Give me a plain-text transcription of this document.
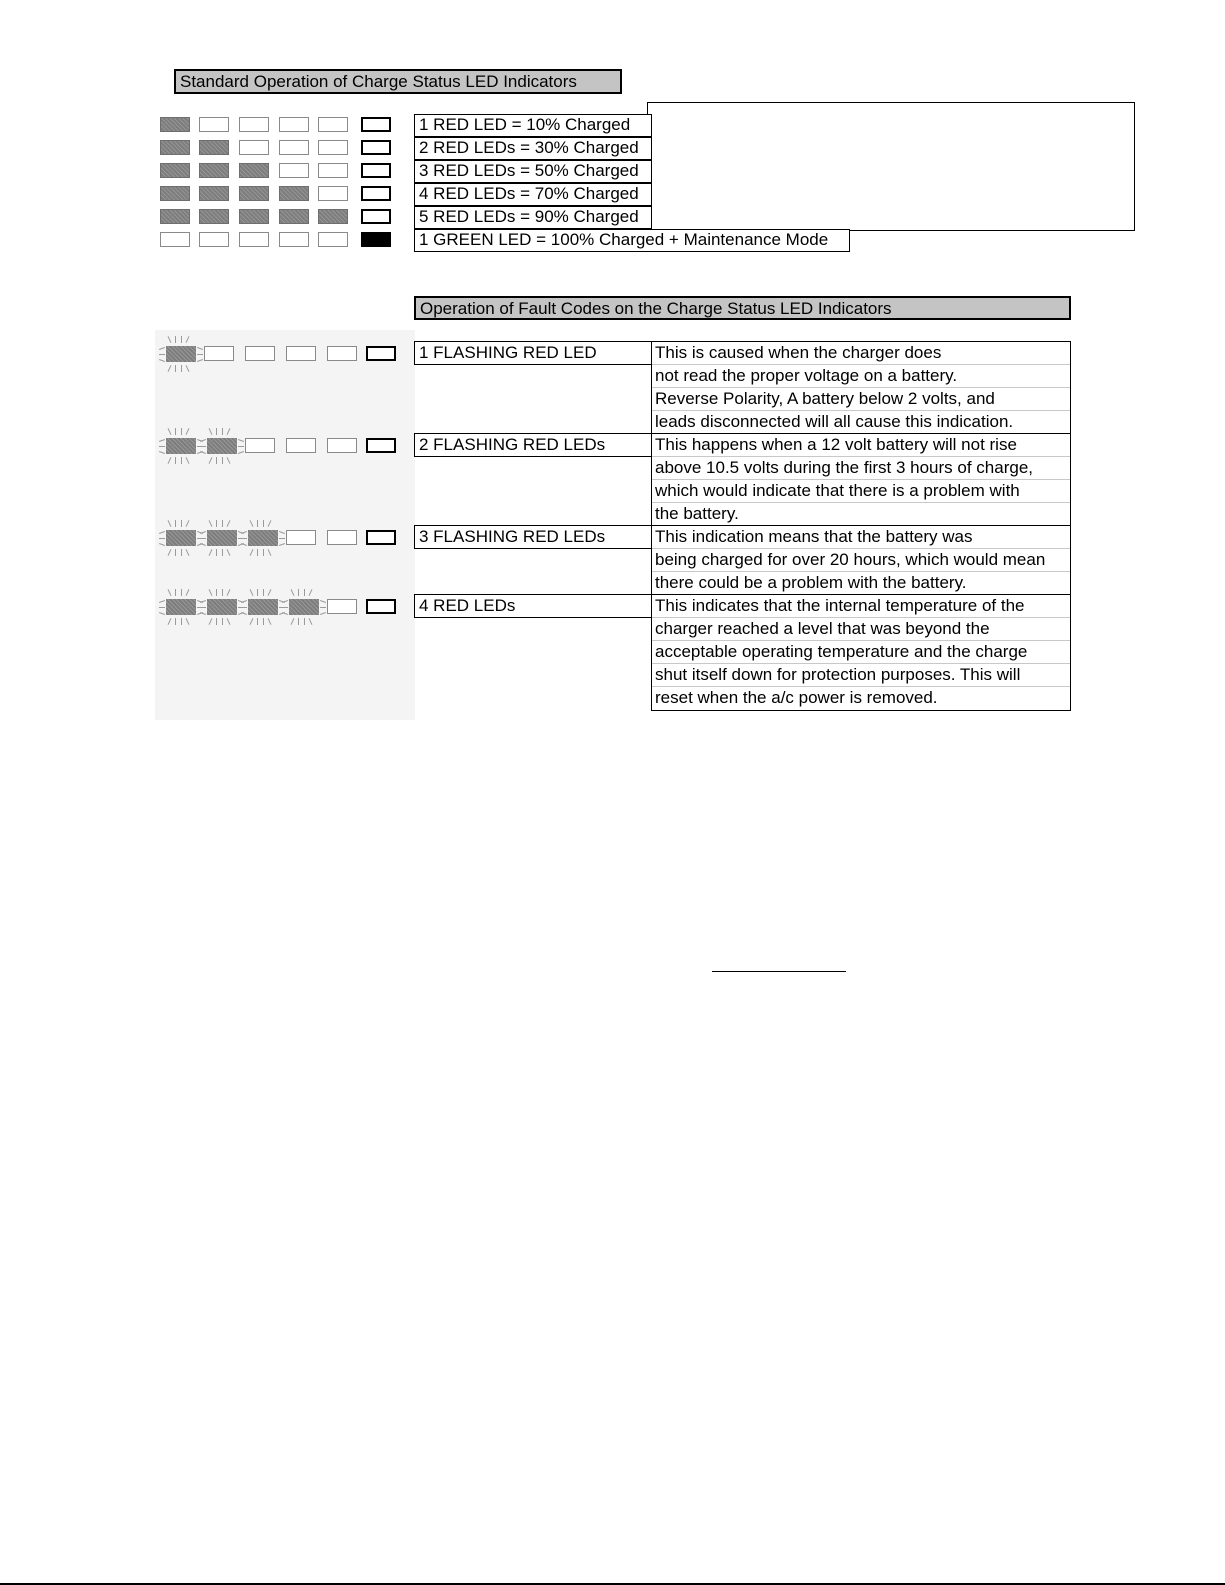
Standard Operation of Charge Status LED Indicators
1 RED LED = 10% Charged
2 RED LEDs = 30% Charged
3 RED LEDs = 50% Charged
4 RED LEDs = 70% Charged
5 RED LEDs = 90% Charged
1 GREEN LED = 100% Charged + Maintenance Mode
Operation of Fault Codes on the Charge Status LED Indicators
1 FLASHING RED LED
2 FLASHING RED LEDs
3 FLASHING RED LEDs
4 RED LEDs
This is caused when the charger does
not read the proper voltage on a battery.
Reverse Polarity, A battery below 2 volts, and
leads disconnected will all cause this indication.
This happens when a 12 volt battery will not rise
above 10.5 volts during the first 3 hours of charge,
which would indicate that there is a problem with
the battery.
This indication means that the battery was
being charged for over 20 hours, which would mean
there could be a problem with the battery.
This indicates that the internal temperature of the
charger reached a level that was beyond the
acceptable operating temperature and the charge
shut itself down for protection purposes. This will
reset when the a/c power is removed.
